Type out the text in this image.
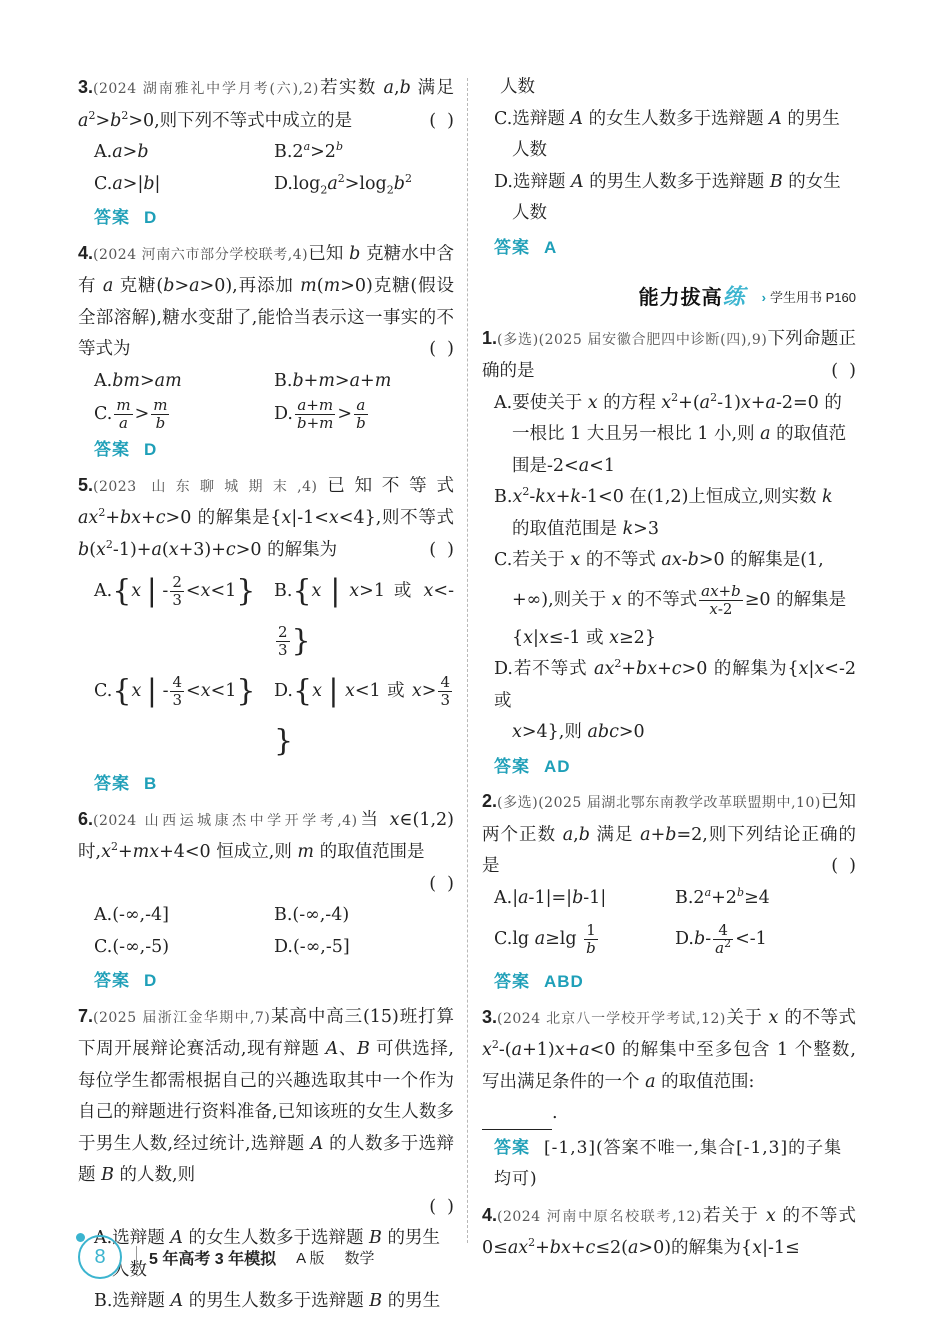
3.(2024 湖南雅礼中学月考(六),2)若实数 a,b 满足 $a^2>b^2>0$,则下列不等式中成立的是	(  )

A.a>b	$B.2^a>2^b$

C.a>|b|	$D.\log_2a^2>\log_2b^2$

答案 D

4.(2024 河南六市部分学校联考,4)已知 b 克糖水中含有 a 克糖(b>a>0),再添加 m(m>0)克糖(假设全部溶解),糖水变甜了,能恰当表示这一事实的不等式为	(  )

A.bm>am	B.b+m>a+m

C. $\frac{m}{a} > \frac{m}{b}$	D. $\frac{a+m}{b+m} > \frac{a}{b}$

答案 D

5.(2023 山东聊城期末,4)已知不等式 $ax^2+bx+c>0$ 的解集是{x|-1<x<4},则不等式$b(x^2-1)+a(x+3)+c>0$ 的解集为	(  )

A.{x | - $\frac{2}{3} <x<1$}	B.{x | x>1 或 x<-
$\frac{2}{3}$ }

C.{x | - $\frac{4}{3} <x<1$}	D.{x | x<1 或 $x> \frac{4}{3}$
}

答案 B

6.(2024 山西运城康杰中学开学考,4)当 x∈(1,2)时$,x^2+mx+4<0$ 恒成立,则 m 的取值范围是

(  )

A.(-∞,-4]	B.(-∞,-4)

C.(-∞,-5)	D.(-∞,-5]

答案 D

7.(2025 届浙江金华期中,7)某高中高三(15)班打算下周开展辩论赛活动,现有辩题 A、B 可供选择,每位学生都需根据自己的兴趣选取其中一个作为自己的辩题进行资料准备,已知该班的女生人数多于男生人数,经过统计,选辩题 A 的人数多于选辩题 B 的人数,则

(  )

A.选辩题 A 的女生人数多于选辩题 B 的男生
人数

B.选辩题 A 的男生人数多于选辩题 B 的男生

人数

C.选辩题 A 的女生人数多于选辩题 A 的男生
人数

D.选辩题 A 的男生人数多于选辩题 B 的女生
人数

答案 A
能力拔高练 › 学生用书 P160

1.(多选)(2025 届安徽合肥四中诊断(四),9)下列命题正确的是	(  )

A.要使关于 x 的方程 $x^2+(a^2-1)x+a-2=0$ 的
一根比 1 大且另一根比 1 小,则 a 的取值范
围是-2<a<1

$B.x^2-kx+k-1<0$ 在(1,2)上恒成立,则实数 k
的取值范围是 k>3

C.若关于 x 的不等式 ax-b>0 的解集是(1,
+∞),则关于 x 的不等式 $\frac{ax+b}{x-2} \ge 0$ 的解集是
{x|x≤-1 或 x≥2}

D.若不等式 $ax^2+bx+c>0$ 的解集为{x|x<-2 或
x>4},则 abc>0

答案 AD

2.(多选)(2025 届湖北鄂东南教学改革联盟期中,10)已知两个正数 a,b 满足 a+b=2,则下列结论正确的是	(  )

A.|a-1|=|b-1|	$B.2^a+2^b\ge 4$

C.lg $a\ge\lg \frac{1}{b}$	$D.b- \frac{4}{a^2} <-1$

答案 ABD

3.(2024 北京八一学校开学考试,12)关于 x 的不等式 $x^2-(a+1)x+a<0$ 的解集中至多包含 1 个整数,写出满足条件的一个 a 的取值范围:

.

答案 [-1,3](答案不唯一,集合[-1,3]的子集均可)

4.(2024 河南中原名校联考,12)若关于 x 的不等式 $0\le ax^2+bx+c\le 2(a>0)$的解集为{x|-1≤

8	5 年高考 3 年模拟 A 版 数学
